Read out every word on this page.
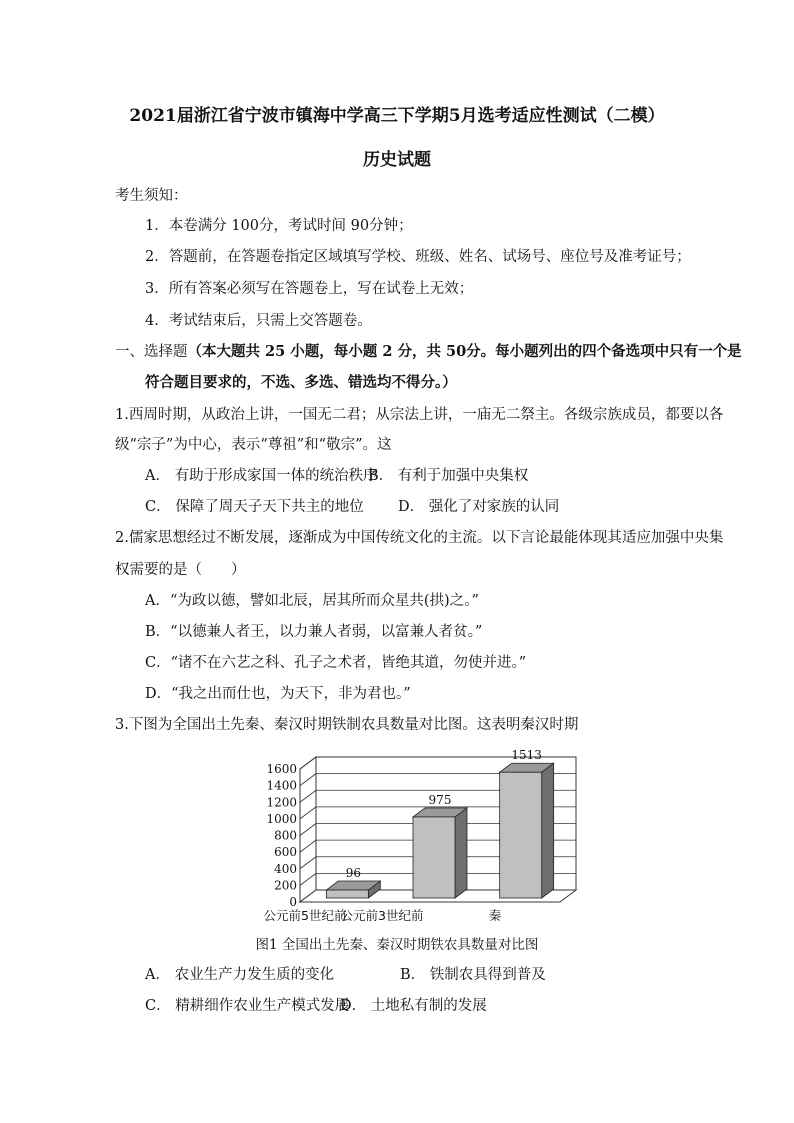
2021届浙江省宁波市镇海中学高三下学期5月选考适应性测试（二模）
历史试题
考生须知：
1．本卷满分 100分，考试时间 90分钟；
2．答题前，在答题卷指定区域填写学校、班级、姓名、试场号、座位号及准考证号；
3．所有答案必须写在答题卷上，写在试卷上无效；
4．考试结束后，只需上交答题卷。
一、选择题（本大题共 25 小题，每小题 2 分，共 50分。每小题列出的四个备选项中只有一个是
符合题目要求的，不选、多选、错选均不得分。）
1.西周时期，从政治上讲，一国无二君；从宗法上讲，一庙无二祭主。各级宗族成员，都要以各
级“宗子”为中心，表示“尊祖”和“敬宗”。这
A． 有助于形成家国一体的统治秩序
B． 有利于加强中央集权
C． 保障了周天子天下共主的地位 D． 强化了对家族的认同
2.儒家思想经过不断发展，逐渐成为中国传统文化的主流。以下言论最能体现其适应加强中央集
权需要的是（　　）
A．“为政以德，譬如北辰，居其所而众星共(拱)之。”
B．“以德兼人者王，以力兼人者弱，以富兼人者贫。”
C．“诸不在六艺之科、孔子之术者，皆绝其道，勿使并进。”
D．“我之出而仕也，为天下，非为君也。”
3.下图为全国出土先秦、秦汉时期铁制农具数量对比图。这表明秦汉时期
0
200
400
600
800
1000
1200
1400
1600
96
公元前5世纪前
975
公元前3世纪前
1513
秦
图1 全国出土先秦、秦汉时期铁农具数量对比图
A． 农业生产力发生质的变化	B． 铁制农具得到普及
C． 精耕细作农业生产模式发展
D． 土地私有制的发展
